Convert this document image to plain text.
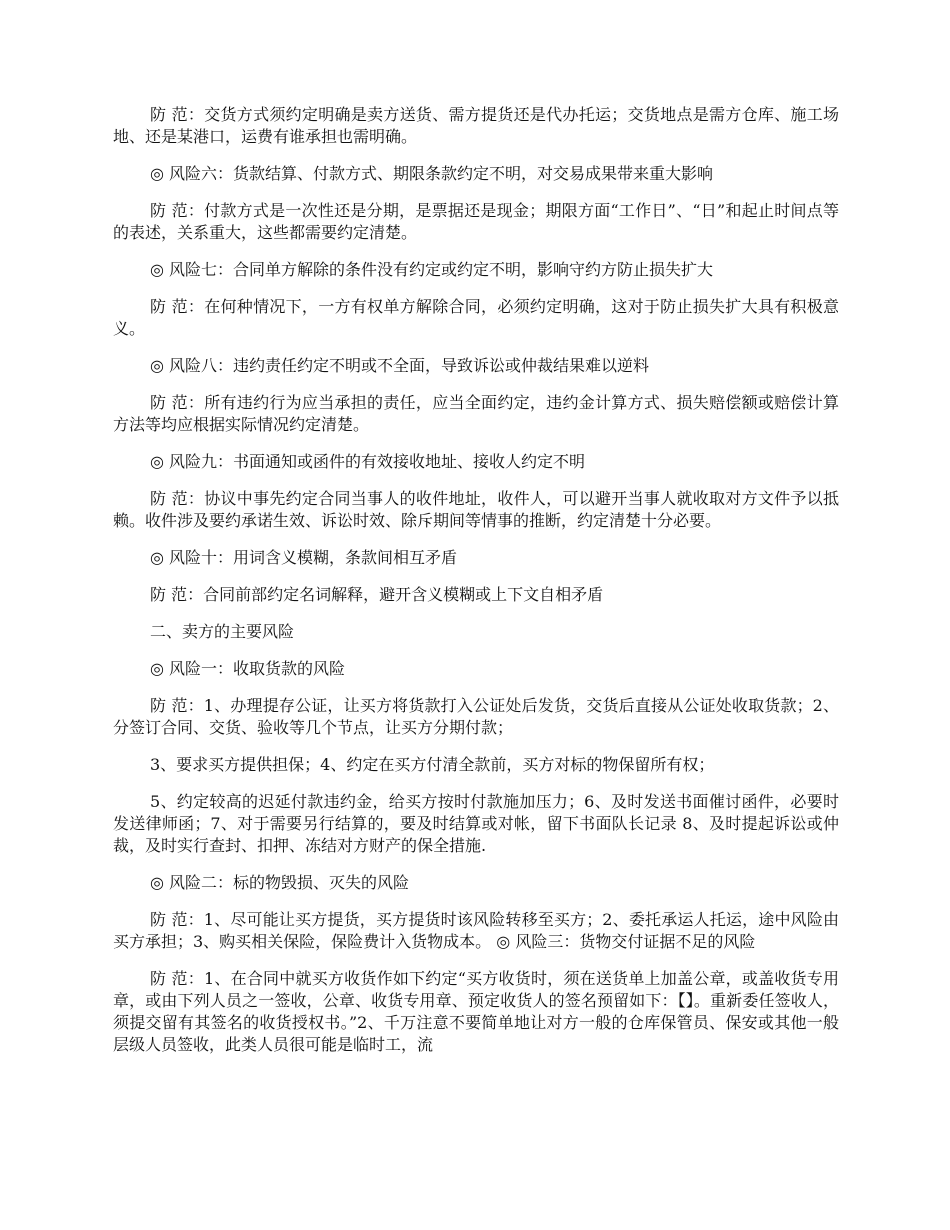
防 范：交货方式须约定明确是卖方送货、需方提货还是代办托运；交货地点是需方仓库、施工场地、还是某港口，运费有谁承担也需明确。

◎ 风险六：货款结算、付款方式、期限条款约定不明，对交易成果带来重大影响

防 范：付款方式是一次性还是分期，是票据还是现金；期限方面“工作日”、“日”和起止时间点等的表述，关系重大，这些都需要约定清楚。

◎ 风险七：合同单方解除的条件没有约定或约定不明，影响守约方防止损失扩大

防 范：在何种情况下，一方有权单方解除合同，必须约定明确，这对于防止损失扩大具有积极意义。

◎ 风险八：违约责任约定不明或不全面，导致诉讼或仲裁结果难以逆料

防 范：所有违约行为应当承担的责任，应当全面约定，违约金计算方式、损失赔偿额或赔偿计算方法等均应根据实际情况约定清楚。

◎ 风险九：书面通知或函件的有效接收地址、接收人约定不明

防 范：协议中事先约定合同当事人的收件地址，收件人，可以避开当事人就收取对方文件予以抵赖。收件涉及要约承诺生效、诉讼时效、除斥期间等情事的推断，约定清楚十分必要。

◎ 风险十：用词含义模糊，条款间相互矛盾

防 范：合同前部约定名词解释，避开含义模糊或上下文自相矛盾

二、卖方的主要风险

◎ 风险一：收取货款的风险

防 范：1、办理提存公证，让买方将货款打入公证处后发货，交货后直接从公证处收取货款；2、分签订合同、交货、验收等几个节点，让买方分期付款；

3、要求买方提供担保；4、约定在买方付清全款前，买方对标的物保留所有权；

5、约定较高的迟延付款违约金，给买方按时付款施加压力；6、及时发送书面催讨函件，必要时发送律师函；7、对于需要另行结算的，要及时结算或对帐，留下书面队长记录 8、及时提起诉讼或仲裁，及时实行查封、扣押、冻结对方财产的保全措施.

◎ 风险二：标的物毁损、灭失的风险

防 范：1、尽可能让买方提货，买方提货时该风险转移至买方；2、委托承运人托运，途中风险由买方承担；3、购买相关保险，保险费计入货物成本。 ◎ 风险三：货物交付证据不足的风险

防 范：1、在合同中就买方收货作如下约定“买方收货时，须在送货单上加盖公章，或盖收货专用章，或由下列人员之一签收，公章、收货专用章、预定收货人的签名预留如下：【】。重新委任签收人，须提交留有其签名的收货授权书。”2、千万注意不要简单地让对方一般的仓库保管员、保安或其他一般层级人员签收，此类人员很可能是临时工，流
